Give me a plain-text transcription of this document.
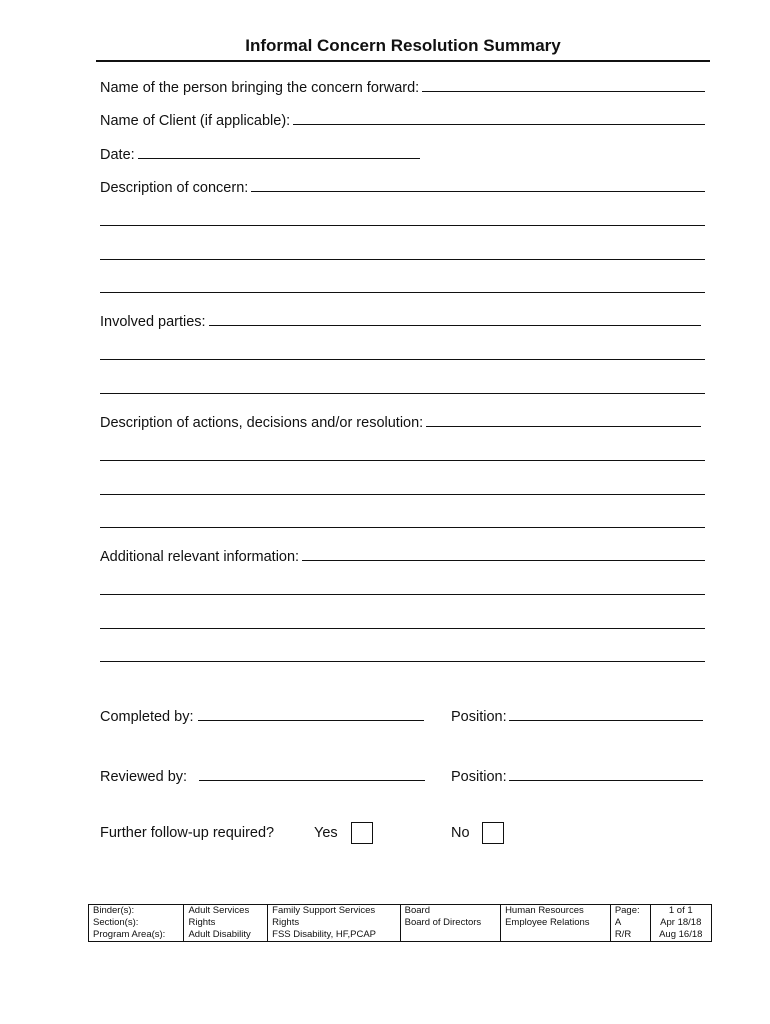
Informal Concern Resolution Summary
Name of the person bringing the concern forward:
Name of Client (if applicable):
Date:
Description of concern:
Involved parties:
Description of actions, decisions and/or resolution:
Additional relevant information:
Completed by:	Position:
Reviewed by:	Position:
Further follow-up required?	Yes	No
Binder(s):	Adult Services	Family Support Services	Board	Human Resources	Page:	1 of 1
Section(s):	Rights	Rights	Board of Directors	Employee Relations	A	Apr 18/18
Program Area(s):	Adult Disability	FSS Disability, HF,PCAP			R/R	Aug 16/18
